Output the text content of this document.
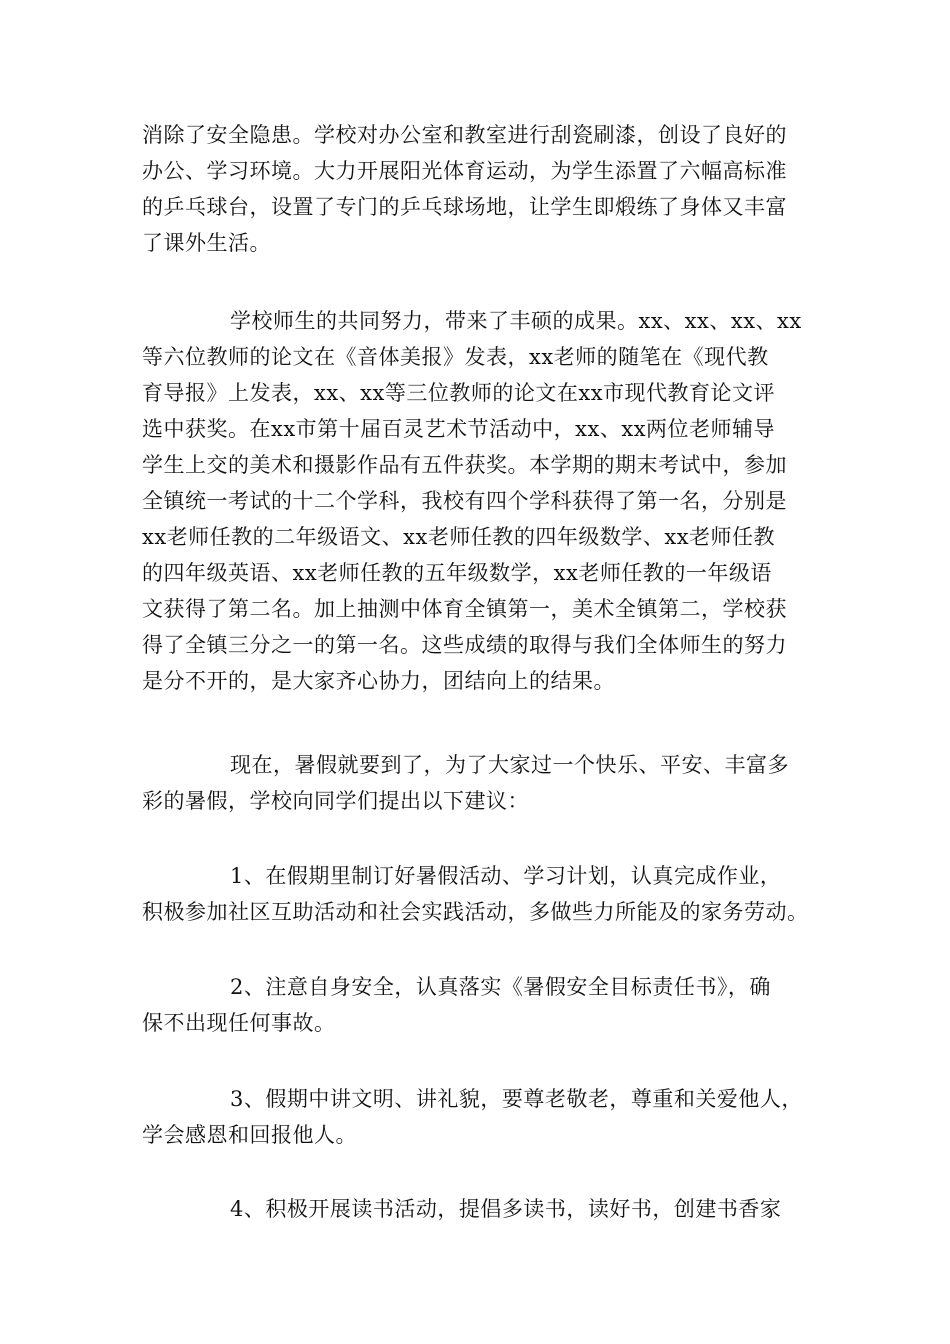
消除了安全隐患。学校对办公室和教室进行刮瓷刷漆，创设了良好的
办公、学习环境。大力开展阳光体育运动，为学生添置了六幅高标准
的乒乓球台，设置了专门的乒乓球场地，让学生即煅练了身体又丰富
了课外生活。
学校师生的共同努力，带来了丰硕的成果。xx、xx、xx、xx
等六位教师的论文在《音体美报》发表，xx老师的随笔在《现代教
育导报》上发表，xx、xx等三位教师的论文在xx市现代教育论文评
选中获奖。在xx市第十届百灵艺术节活动中，xx、xx两位老师辅导
学生上交的美术和摄影作品有五件获奖。本学期的期末考试中，参加
全镇统一考试的十二个学科，我校有四个学科获得了第一名，分别是
xx老师任教的二年级语文、xx老师任教的四年级数学、xx老师任教
的四年级英语、xx老师任教的五年级数学，xx老师任教的一年级语
文获得了第二名。加上抽测中体育全镇第一，美术全镇第二，学校获
得了全镇三分之一的第一名。这些成绩的取得与我们全体师生的努力
是分不开的，是大家齐心协力，团结向上的结果。
现在，暑假就要到了，为了大家过一个快乐、平安、丰富多
彩的暑假，学校向同学们提出以下建议：
1、在假期里制订好暑假活动、学习计划，认真完成作业，
积极参加社区互助活动和社会实践活动，多做些力所能及的家务劳动。
2、注意自身安全，认真落实《暑假安全目标责任书》，确
保不出现任何事故。
3、假期中讲文明、讲礼貌，要尊老敬老，尊重和关爱他人，
学会感恩和回报他人。
4、积极开展读书活动，提倡多读书，读好书，创建书香家
